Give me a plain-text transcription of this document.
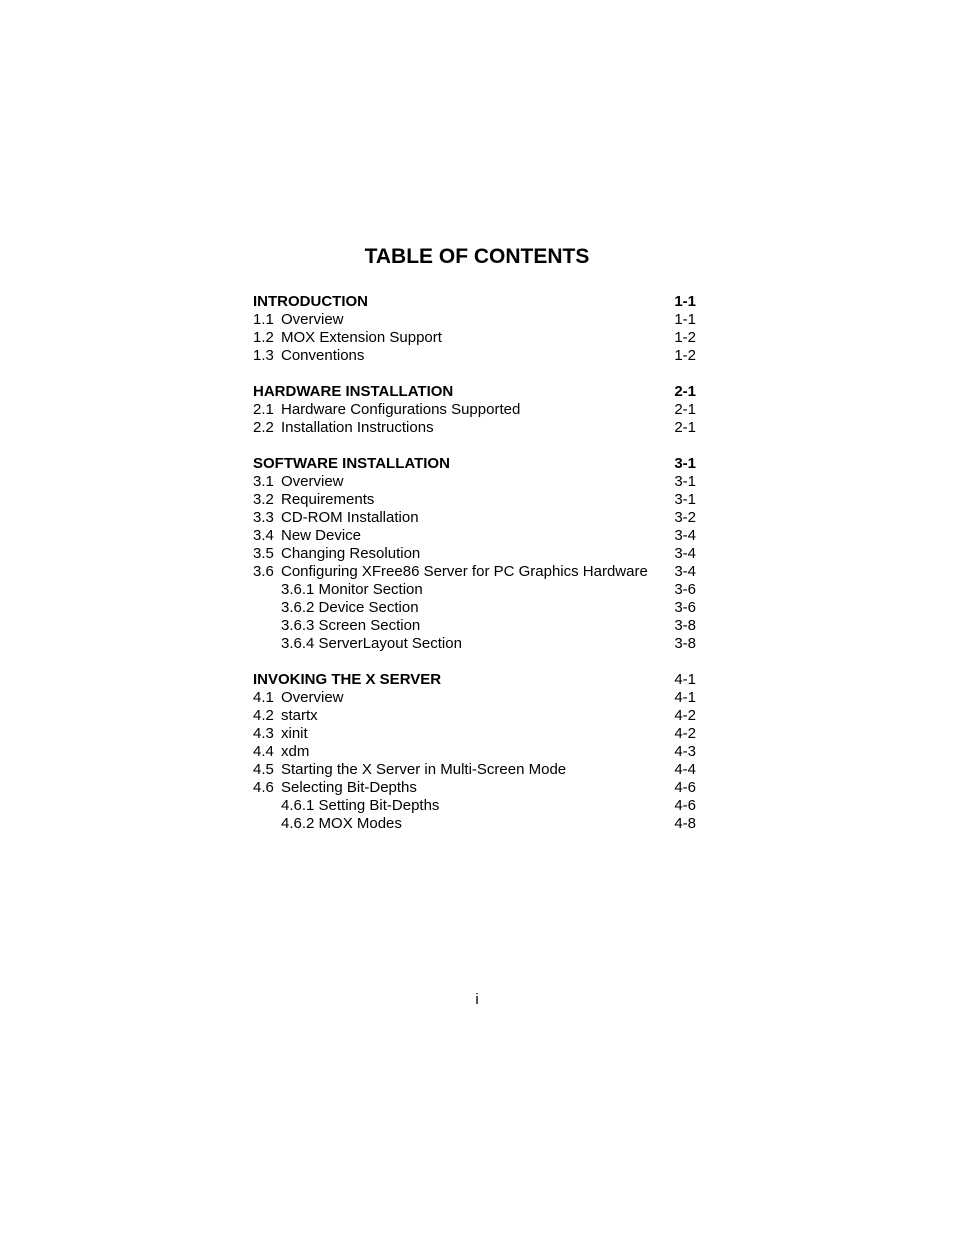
TABLE OF CONTENTS
INTRODUCTION	1-1
1.1 Overview	1-1
1.2 MOX Extension Support	1-2
1.3 Conventions	1-2
HARDWARE INSTALLATION	2-1
2.1 Hardware Configurations Supported	2-1
2.2 Installation Instructions	2-1
SOFTWARE INSTALLATION	3-1
3.1 Overview	3-1
3.2 Requirements	3-1
3.3 CD-ROM Installation	3-2
3.4 New Device	3-4
3.5 Changing Resolution	3-4
3.6 Configuring XFree86 Server for PC Graphics Hardware 3-4
3.6.1 Monitor Section	3-6
3.6.2 Device Section	3-6
3.6.3 Screen Section	3-8
3.6.4 ServerLayout Section	3-8
INVOKING THE X SERVER	4-1
4.1 Overview	4-1
4.2 startx	4-2
4.3 xinit	4-2
4.4 xdm	4-3
4.5 Starting the X Server in Multi-Screen Mode	4-4
4.6 Selecting Bit-Depths	4-6
4.6.1 Setting Bit-Depths	4-6
4.6.2 MOX Modes	4-8
i
